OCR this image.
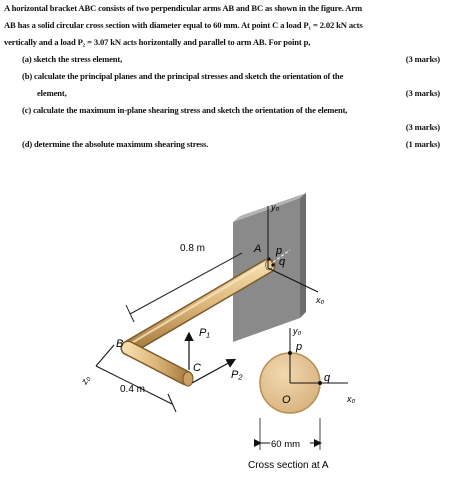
A horizontal bracket ABC consists of two perpendicular arms AB and BC as shown in the figure. Arm
AB has a solid circular cross section with diameter equal to 60 mm. At point C a load P₁ = 2.02 kN acts
vertically and a load P₂ = 3.07 kN acts horizontally and parallel to arm AB. For point p,
(a) sketch the stress element,	(3 marks)
(b) calculate the principal planes and the principal stresses and sketch the orientation of the
element,	(3 marks)
(c) calculate the maximum in-plane shearing stress and sketch the orientation of the element,
(3 marks)
(d) determine the absolute maximum shearing stress.	(1 marks)
0.8 m
y₀
x₀
A p
q
B
z₀
0.4 m
P₁
P₂
C
y₀
p
q
x₀
O
60 mm
Cross section at A
